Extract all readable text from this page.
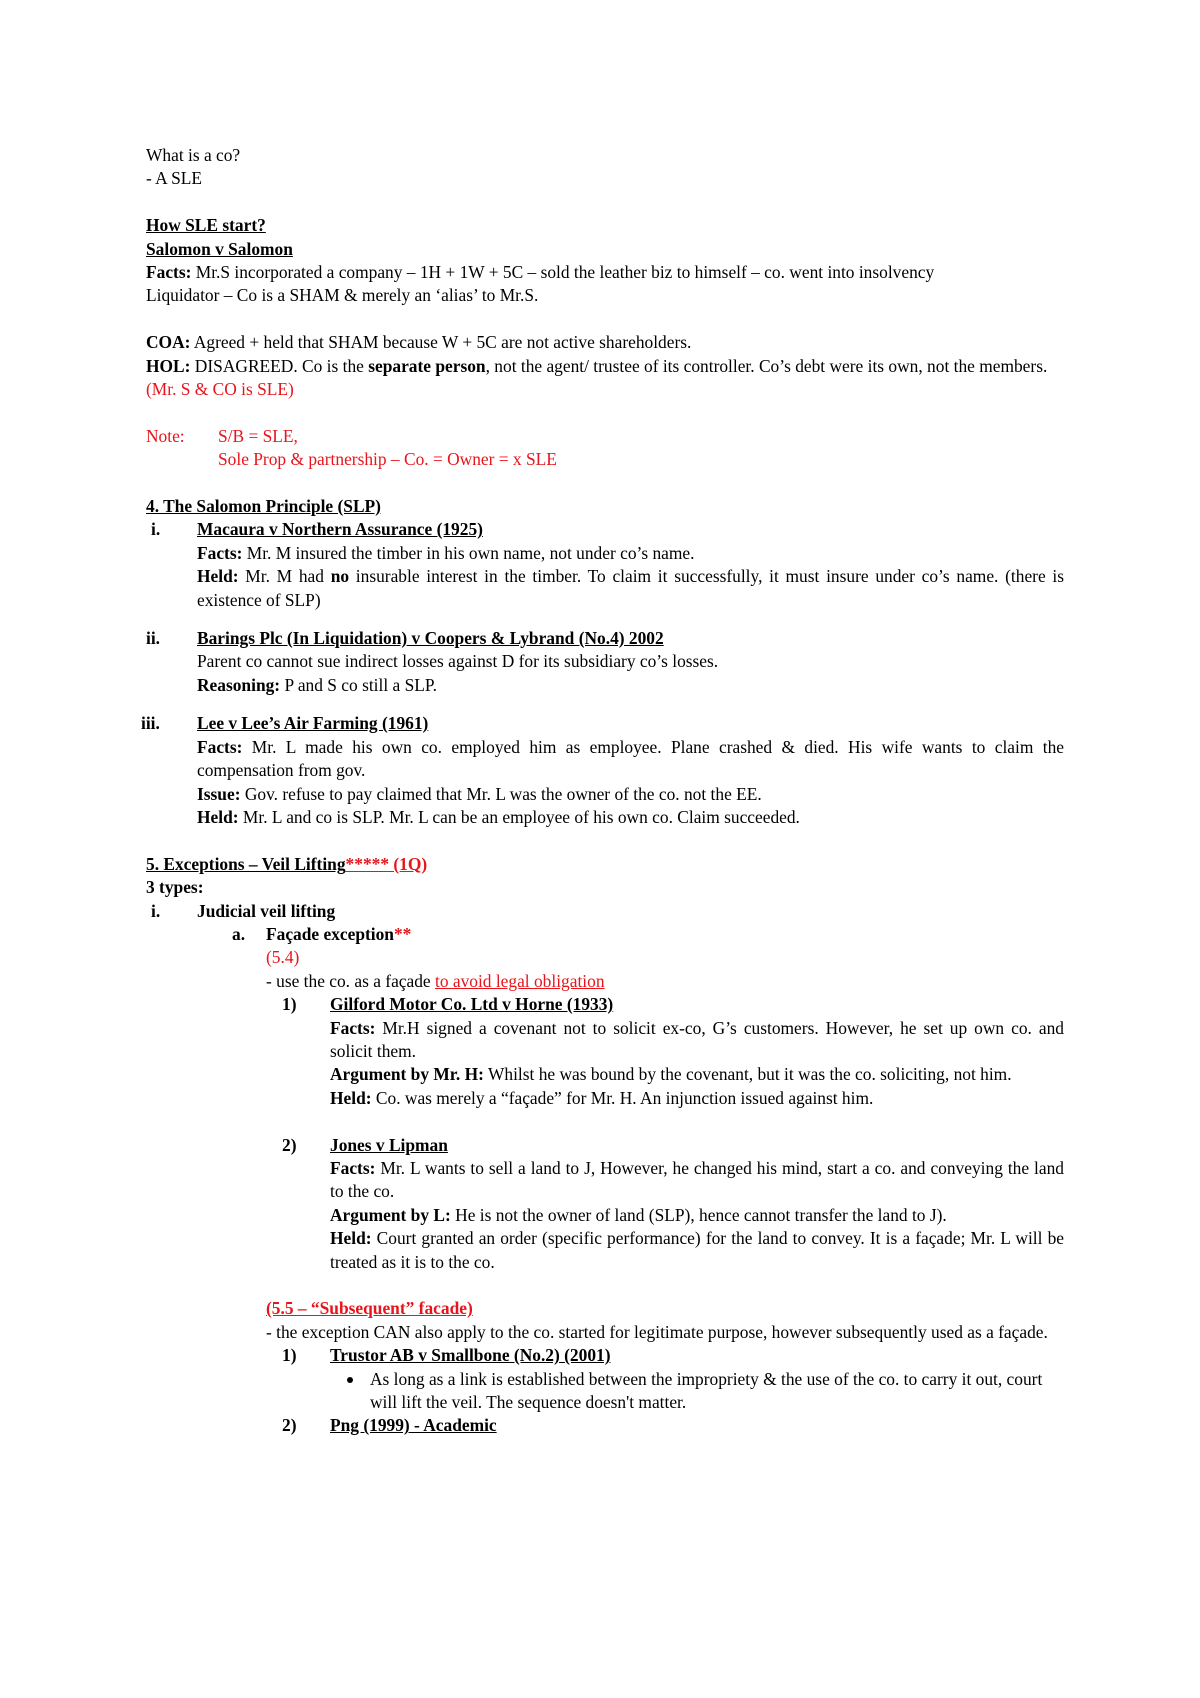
What is a co?

- A SLE

How SLE start?

Salomon v Salomon

Facts: Mr.S incorporated a company – 1H + 1W + 5C – sold the leather biz to himself – co. went into insolvency

Liquidator – Co is a SHAM & merely an ‘alias’ to Mr.S.

COA: Agreed + held that SHAM because W + 5C are not active shareholders.

HOL: DISAGREED. Co is the separate person, not the agent/ trustee of its controller. Co’s debt were its own, not the members. (Mr. S & CO is SLE)

Note: S/B = SLE,

Sole Prop & partnership – Co. = Owner = x SLE

4. The Salomon Principle (SLP)

i. Macaura v Northern Assurance (1925)

Facts: Mr. M insured the timber in his own name, not under co’s name.

Held: Mr. M had no insurable interest in the timber. To claim it successfully, it must insure under co’s name. (there is existence of SLP)

ii. Barings Plc (In Liquidation) v Coopers & Lybrand (No.4) 2002

Parent co cannot sue indirect losses against D for its subsidiary co’s losses.

Reasoning: P and S co still a SLP.

iii. Lee v Lee’s Air Farming (1961)

Facts: Mr. L made his own co. employed him as employee. Plane crashed & died. His wife wants to claim the compensation from gov.

Issue: Gov. refuse to pay claimed that Mr. L was the owner of the co. not the EE.

Held: Mr. L and co is SLP. Mr. L can be an employee of his own co. Claim succeeded.

5. Exceptions – Veil Lifting***** (1Q)

3 types:

i. Judicial veil lifting

a. Façade exception**

(5.4)

- use the co. as a façade to avoid legal obligation

1) Gilford Motor Co. Ltd v Horne (1933)

Facts: Mr.H signed a covenant not to solicit ex-co, G’s customers. However, he set up own co. and solicit them.

Argument by Mr. H: Whilst he was bound by the covenant, but it was the co. soliciting, not him.

Held: Co. was merely a “façade” for Mr. H. An injunction issued against him.

2) Jones v Lipman

Facts: Mr. L wants to sell a land to J, However, he changed his mind, start a co. and conveying the land to the co.

Argument by L: He is not the owner of land (SLP), hence cannot transfer the land to J).

Held: Court granted an order (specific performance) for the land to convey. It is a façade; Mr. L will be treated as it is to the co.

(5.5 – “Subsequent” facade)

- the exception CAN also apply to the co. started for legitimate purpose, however subsequently used as a façade.

1) Trustor AB v Smallbone (No.2) (2001)

As long as a link is established between the impropriety & the use of the co. to carry it out, court will lift the veil. The sequence doesn't matter.

2) Png (1999) - Academic
